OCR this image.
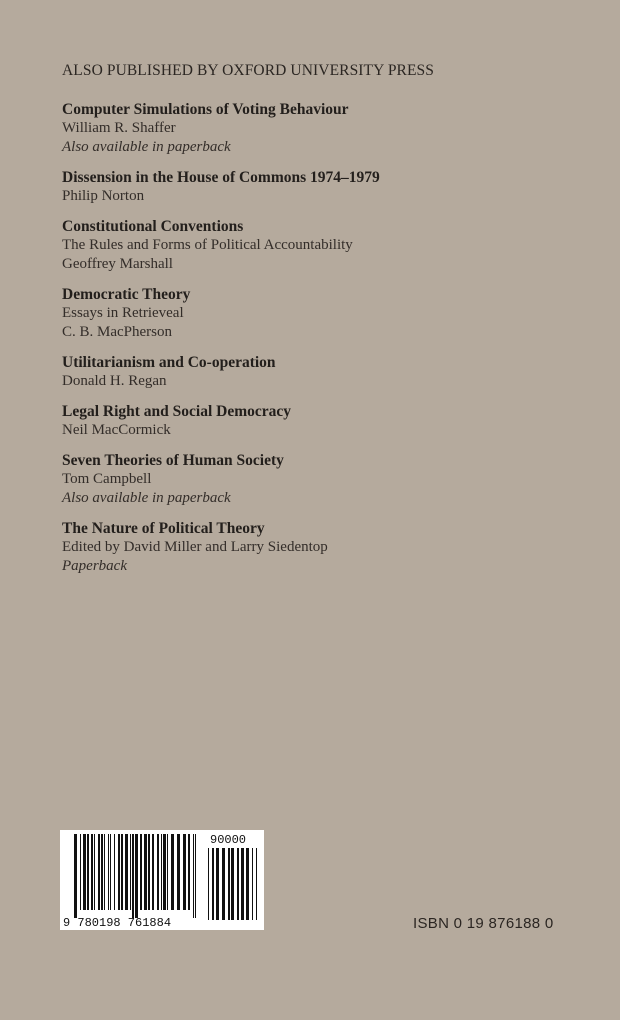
ALSO PUBLISHED BY OXFORD UNIVERSITY PRESS
Computer Simulations of Voting Behaviour
William R. Shaffer
Also available in paperback
Dissension in the House of Commons 1974–1979
Philip Norton
Constitutional Conventions
The Rules and Forms of Political Accountability
Geoffrey Marshall
Democratic Theory
Essays in Retrieveal
C. B. MacPherson
Utilitarianism and Co-operation
Donald H. Regan
Legal Right and Social Democracy
Neil MacCormick
Seven Theories of Human Society
Tom Campbell
Also available in paperback
The Nature of Political Theory
Edited by David Miller and Larry Siedentop
Paperback
9 780198 761884
90000
ISBN 0 19 876188 0
